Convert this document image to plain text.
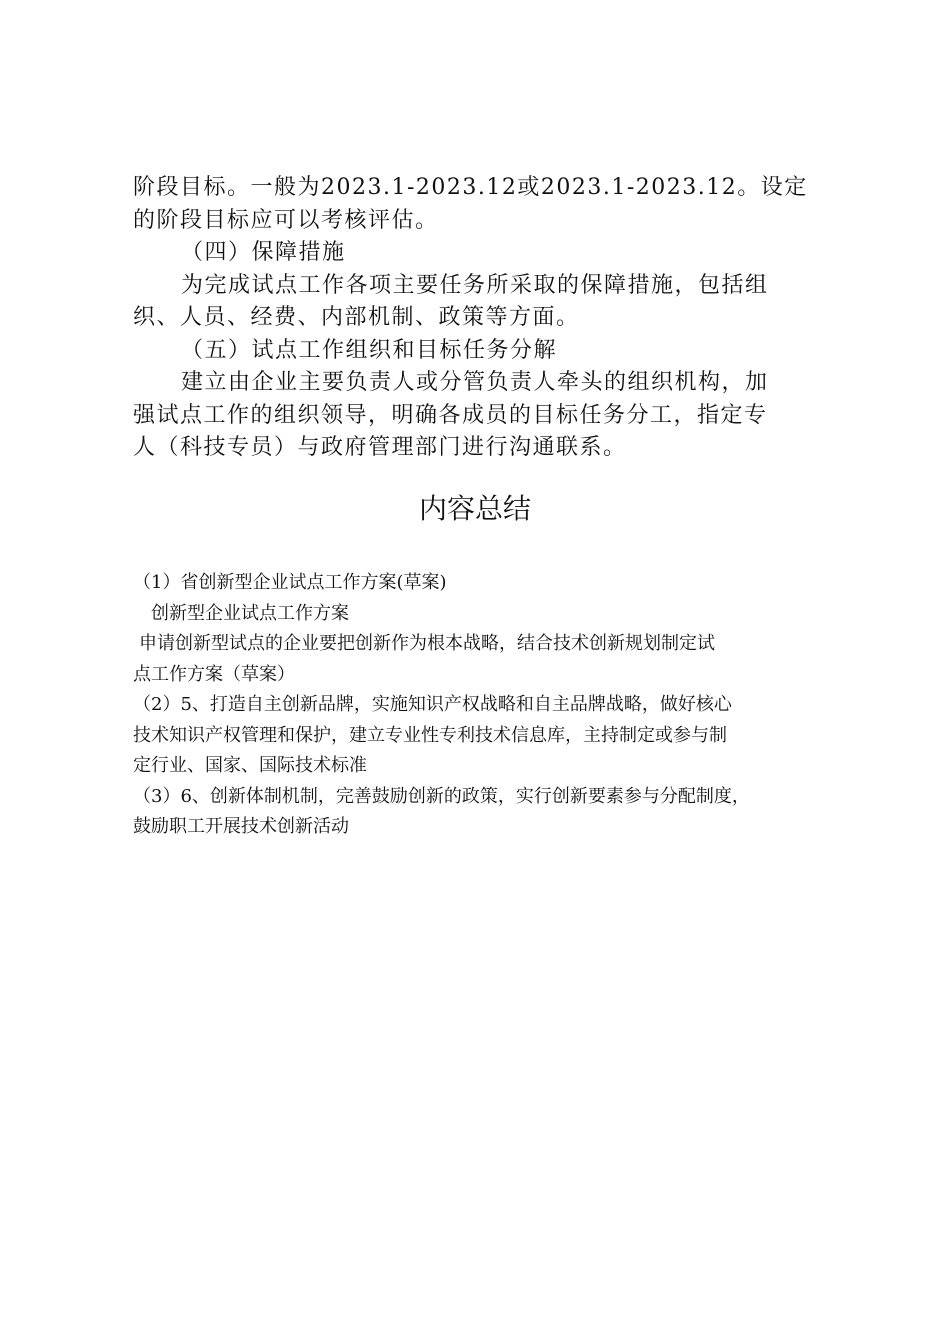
阶段目标。一般为2023.1-2023.12或2023.1-2023.12。设定

的阶段目标应可以考核评估。

（四）保障措施

为完成试点工作各项主要任务所采取的保障措施，包括组

织、人员、经费、内部机制、政策等方面。

（五）试点工作组织和目标任务分解

建立由企业主要负责人或分管负责人牵头的组织机构，加

强试点工作的组织领导，明确各成员的目标任务分工，指定专

人（科技专员）与政府管理部门进行沟通联系。

内容总结

（1）省创新型企业试点工作方案(草案)

创新型企业试点工作方案

申请创新型试点的企业要把创新作为根本战略，结合技术创新规划制定试

点工作方案（草案）

（2）5、打造自主创新品牌，实施知识产权战略和自主品牌战略，做好核心

技术知识产权管理和保护，建立专业性专利技术信息库，主持制定或参与制

定行业、国家、国际技术标准

（3）6、创新体制机制，完善鼓励创新的政策，实行创新要素参与分配制度，

鼓励职工开展技术创新活动
